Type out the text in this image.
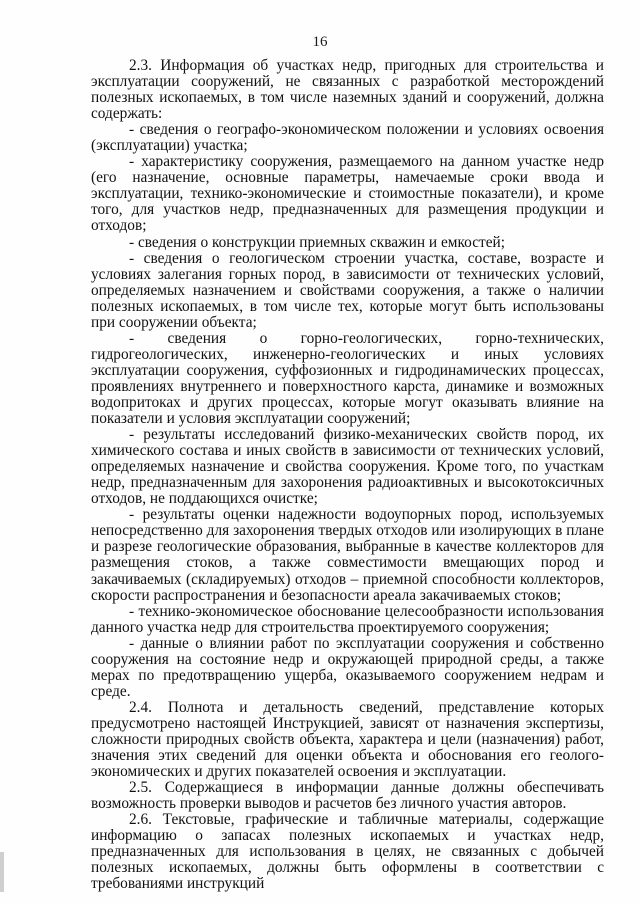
16

2.3. Информация об участках недр, пригодных для строительства и эксплуатации сооружений, не связанных с разработкой месторождений полезных ископаемых, в том числе наземных зданий и сооружений, должна содержать:

- сведения о географо-экономическом положении и условиях освоения (эксплуатации) участка;

- характеристику сооружения, размещаемого на данном участке недр (его назначение, основные параметры, намечаемые сроки ввода и эксплуатации, технико-экономические и стоимостные показатели), и кроме того, для участков недр, предназначенных для размещения продукции и отходов;

- сведения о конструкции приемных скважин и емкостей;

- сведения о геологическом строении участка, составе, возрасте и условиях залегания горных пород, в зависимости от технических условий, определяемых назначением и свойствами сооружения, а также о наличии полезных ископаемых, в том числе тех, которые могут быть использованы при сооружении объекта;

- сведения о горно-геологических, горно-технических, гидрогеологических, инженерно-геологических и иных условиях эксплуатации сооружения, суффозионных и гидродинамических процессах, проявлениях внутреннего и поверхностного карста, динамике и возможных водопритоках и других процессах, которые могут оказывать влияние на показатели и условия эксплуатации сооружений;

- результаты исследований физико-механических свойств пород, их химического состава и иных свойств в зависимости от технических условий, определяемых назначение и свойства сооружения. Кроме того, по участкам недр, предназначенным для захоронения радиоактивных и высокотоксичных отходов, не поддающихся очистке;

- результаты оценки надежности водоупорных пород, используемых непосредственно для захоронения твердых отходов или изолирующих в плане и разрезе геологические образования, выбранные в качестве коллекторов для размещения стоков, а также совместимости вмещающих пород и закачиваемых (складируемых) отходов – приемной способности коллекторов, скорости распространения и безопасности ареала закачиваемых стоков;

- технико-экономическое обоснование целесообразности использования данного участка недр для строительства проектируемого сооружения;

- данные о влиянии работ по эксплуатации сооружения и собственно сооружения на состояние недр и окружающей природной среды, а также мерах по предотвращению ущерба, оказываемого сооружением недрам и среде.

2.4. Полнота и детальность сведений, представление которых предусмотрено настоящей Инструкцией, зависят от назначения экспертизы, сложности природных свойств объекта, характера и цели (назначения) работ, значения этих сведений для оценки объекта и обоснования его геолого-экономических и других показателей освоения и эксплуатации.

2.5. Содержащиеся в информации данные должны обеспечивать возможность проверки выводов и расчетов без личного участия авторов.

2.6. Текстовые, графические и табличные материалы, содержащие информацию о запасах полезных ископаемых и участках недр, предназначенных для использования в целях, не связанных с добычей полезных ископаемых, должны быть оформлены в соответствии с требованиями инструкций
